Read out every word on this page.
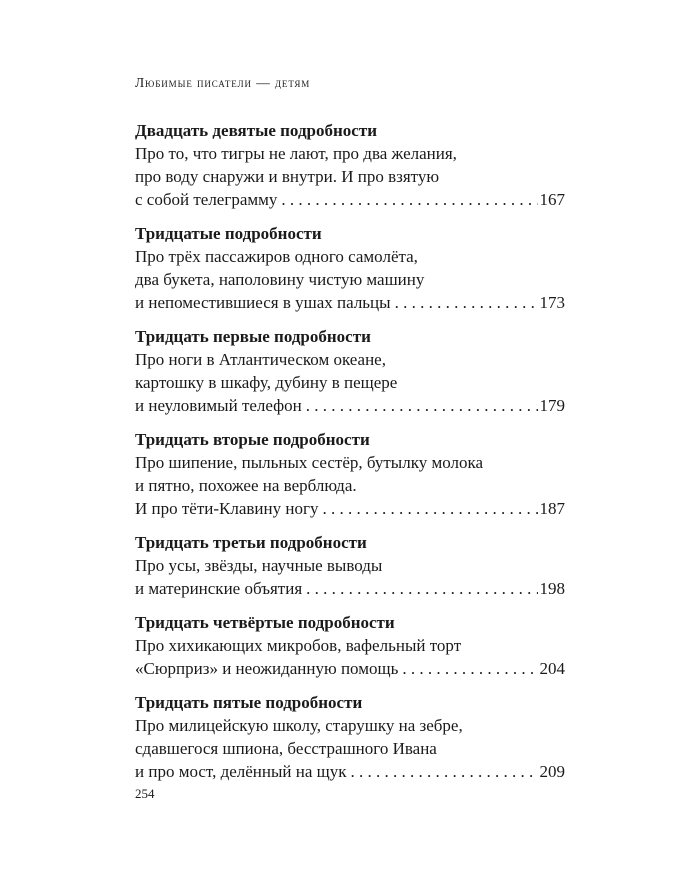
Любимые писатели — детям
Двадцать девятые подробности
Про то, что тигры не лают, про два желания,
про воду снаружи и внутри. И про взятую
с собой телеграмму . . .	167
Тридцатые подробности
Про трёх пассажиров одного самолёта,
два букета, наполовину чистую машину
и непоместившиеся в ушах пальцы . . .	173
Тридцать первые подробности
Про ноги в Атлантическом океане,
картошку в шкафу, дубину в пещере
и неуловимый телефон . . .	179
Тридцать вторые подробности
Про шипение, пыльных сестёр, бутылку молока
и пятно, похожее на верблюда.
И про тёти-Клавину ногу . . .	187
Тридцать третьи подробности
Про усы, звёзды, научные выводы
и материнские объятия . . .	198
Тридцать четвёртые подробности
Про хихикающих микробов, вафельный торт
«Сюрприз» и неожиданную помощь . . .	204
Тридцать пятые подробности
Про милицейскую школу, старушку на зебре,
сдавшегося шпиона, бесстрашного Ивана
и про мост, делённый на щук . . .	209
254
